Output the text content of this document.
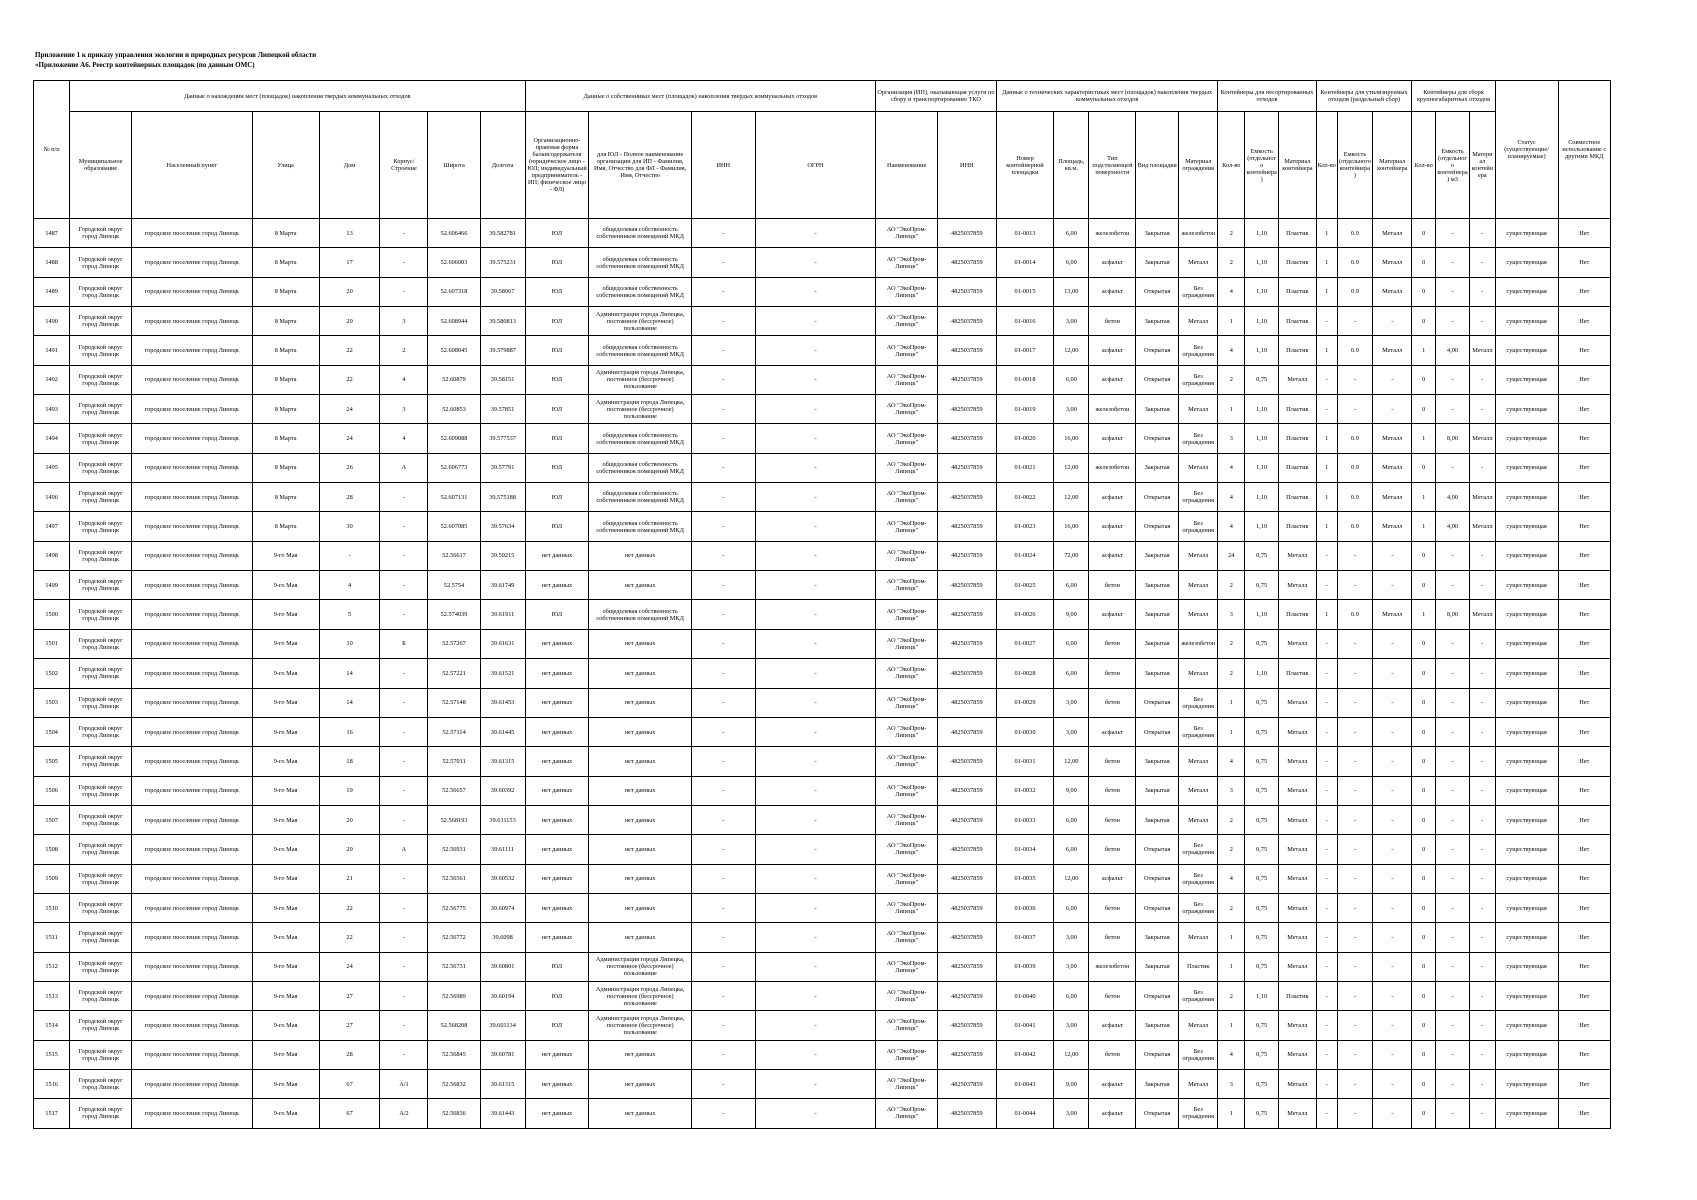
Приложение 1 к приказу управления экологии и природных ресурсов Липецкой области
«Приложение А6. Реестр контейнерных площадок (по данным ОМС)
№ п/п	Данные о нахождении мест (площадок) накопления твердых коммунальных отходов							Данные о собственниках мест (площадок) накопления твердых коммунальных отходов				Организация (ИП), оказывающая услуги по сбору и транспортированию ТКО		Данные о технических характеристиках мест (площадок) накопления твердых коммунальных отходов					Контейнеры для несортированных отходов			Контейнеры для утилизируемых отходов (раздельный сбор)			Контейнеры для сборк крупногабаритных отходов			Статус (существующие/ планируемые)	Совместное использование с другими МКД
	Муниципальное образование	Населенный пункт	Улица	Дом	Корпус/Строение	Широта	Долгота	Организационно-правовая форма балансодержателя (юридическое лицо - ЮЛ; индивидуальный предприниматель - ИП; физическое лицо - ФЛ)	для ЮЛ - Полное наименование организации для ИП - Фамилия, Имя, Отчество для ФЛ - Фамилия, Имя, Отчество	ИНН	ОГРН	Наименование	ИНН	Номер контейнерной площадки	Площадь, кв.м.	Тип подстилающей поверхности	Вид площадки	Материал ограждения	Кол-во	Емкость (отдельного контейнера)	Материал контейнера	Кол-во	Емкость (отдельного контейнера)	Материал контейнера	Кол-во	Емкость (отдельного контейнера) м3	Материал контейнера		

1487	Городской округ город Липецк	городское поселение город Липецк	8 Марта	13	-	52.606466	39.582781	ЮЛ	общедолевая собственность собственников помещений МКД	-	-	АО "ЭкоПром-Липецк"	4825037859	01-0013	6,00	железобетон	Закрытая	железобетон	2	1,10	Пластик	1	0.9	Металл	0	-	-	существующая	Нет

1488	Городской округ город Липецк	городское поселение город Липецк	8 Марта	17	-	52.606003	39.575231	ЮЛ	общедолевая собственность собственников помещений МКД	-	-	АО "ЭкоПром-Липецк"	4825037859	01-0014	6,00	асфальт	Закрытая	Металл	2	1,10	Пластик	1	0.9	Металл	0	-	-	существующая	Нет

1489	Городской округ город Липецк	городское поселение город Липецк	8 Марта	20	-	52.607318	39.58067	ЮЛ	общедолевая собственность собственников помещений МКД	-	-	АО "ЭкоПром-Липецк"	4825037859	01-0015	13,00	асфальт	Открытая	Без ограждения	4	1,10	Пластик	1	0.9	Металл	0	-	-	существующая	Нет

1490	Городской округ город Липецк	городское поселение город Липецк	8 Марта	20	3	52.608944	39.580813	ЮЛ	Администрация города Липецка, постоянное (бессрочное) пользование	-	-	АО "ЭкоПром-Липецк"	4825037859	01-0016	3,00	бетон	Закрытая	Металл	1	1,10	Пластик	-	-	-	0	-	-	существующая	Нет

1491	Городской округ город Липецк	городское поселение город Липецк	8 Марта	22	2	52.608045	39.579887	ЮЛ	общедолевая собственность собственников помещений МКД	-	-	АО "ЭкоПром-Липецк"	4825037859	01-0017	12,00	асфальт	Открытая	Без ограждения	4	1,10	Пластик	1	0.9	Металл	1	4,00	Металл	существующая	Нет

1492	Городской округ город Липецк	городское поселение город Липецк	8 Марта	22	4	52.60879	39.58151	ЮЛ	Администрация города Липецка, постоянное (бессрочное) пользование	-	-	АО "ЭкоПром-Липецк"	4825037859	01-0018	6,00	асфальт	Открытая	Без ограждения	2	0,75	Металл	-	-	-	0	-	-	существующая	Нет

1493	Городской округ город Липецк	городское поселение город Липецк	8 Марта	24	3	52.60853	39.57851	ЮЛ	Администрация города Липецка, постоянное (бессрочное) пользование	-	-	АО "ЭкоПром-Липецк"	4825037859	01-0019	3,00	железобетон	Закрытая	Металл	1	1,10	Пластик	-	-	-	0	-	-	существующая	Нет

1494	Городской округ город Липецк	городское поселение город Липецк	8 Марта	24	4	52.609088	39.577537	ЮЛ	общедолевая собственность собственников помещений МКД	-	-	АО "ЭкоПром-Липецк"	4825037859	01-0020	16,00	асфальт	Открытая	Без ограждения	3	1,10	Пластик	1	0.9	Металл	1	8,00	Металл	существующая	Нет

1495	Городской округ город Липецк	городское поселение город Липецк	8 Марта	26	А	52.606773	39.57791	ЮЛ	общедолевая собственность собственников помещений МКД	-	-	АО "ЭкоПром-Липецк"	4825037859	01-0021	12,00	железобетон	Закрытая	Металл	4	1,10	Пластик	1	0.9	Металл	0	-	-	существующая	Нет

1496	Городской округ город Липецк	городское поселение город Липецк	8 Марта	28	-	52.607131	39.575188	ЮЛ	общедолевая собственность собственников помещений МКД	-	-	АО "ЭкоПром-Липецк"	4825037859	01-0022	12,00	асфальт	Открытая	Без ограждения	4	1,10	Пластик	1	0.9	Металл	1	4,00	Металл	существующая	Нет

1497	Городской округ город Липецк	городское поселение город Липецк	8 Марта	30	-	52.607085	39.57634	ЮЛ	общедолевая собственность собственников помещений МКД	-	-	АО "ЭкоПром-Липецк"	4825037859	01-0023	16,00	асфальт	Открытая	Без ограждения	4	1,10	Пластик	1	0.9	Металл	1	4,00	Металл	существующая	Нет

1498	Городской округ город Липецк	городское поселение город Липецк	9-го Мая	-	-	52.56617	39.59215	нет данных	нет данных	-	-	АО "ЭкоПром-Липецк"	4825037859	01-0024	72,00	асфальт	Закрытая	Металл	24	0,75	Металл	-	-	-	0	-	-	существующая	Нет

1499	Городской округ город Липецк	городское поселение город Липецк	9-го Мая	4	-	52.5754	39.61749	нет данных	нет данных	-	-	АО "ЭкоПром-Липецк"	4825037859	01-0025	6,00	бетон	Закрытая	Металл	2	0,75	Металл	-	-	-	0	-	-	существующая	Нет

1500	Городской округ город Липецк	городское поселение город Липецк	9-го Мая	5	-	52.574039	39.61911	ЮЛ	общедолевая собственность собственников помещений МКД	-	-	АО "ЭкоПром-Липецк"	4825037859	01-0026	9,00	асфальт	Закрытая	Металл	3	1,10	Пластик	1	0.9	Металл	1	8,00	Металл	существующая	Нет

1501	Городской округ город Липецк	городское поселение город Липецк	9-го Мая	10	Б	52.57267	39.61631	нет данных	нет данных	-	-	АО "ЭкоПром-Липецк"	4825037859	01-0027	6,00	бетон	Закрытая	железобетон	2	0,75	Металл	-	-	-	0	-	-	существующая	Нет

1502	Городской округ город Липецк	городское поселение город Липецк	9-го Мая	14	-	52.57221	39.61521	нет данных	нет данных	-	-	АО "ЭкоПром-Липецк"	4825037859	01-0028	6,00	бетон	Закрытая	Металл	2	1,10	Пластик	-	-	-	0	-	-	существующая	Нет

1503	Городской округ город Липецк	городское поселение город Липецк	9-го Мая	14	-	52.57148	39.61453	нет данных	нет данных	-	-	АО "ЭкоПром-Липецк"	4825037859	01-0029	3,00	бетон	Открытая	Без ограждения	1	0,75	Металл	-	-	-	0	-	-	существующая	Нет

1504	Городской округ город Липецк	городское поселение город Липецк	9-го Мая	16	-	52.57114	39.61445	нет данных	нет данных	-	-	АО "ЭкоПром-Липецк"	4825037859	01-0030	3,00	асфальт	Открытая	Без ограждения	1	0,75	Металл	-	-	-	0	-	-	существующая	Нет

1505	Городской округ город Липецк	городское поселение город Липецк	9-го Мая	18	-	52.57011	39.61315	нет данных	нет данных	-	-	АО "ЭкоПром-Липецк"	4825037859	01-0031	12,00	бетон	Закрытая	Металл	4	0,75	Металл	-	-	-	0	-	-	существующая	Нет

1506	Городской округ город Липецк	городское поселение город Липецк	9-го Мая	19	-	52.56657	39.60392	нет данных	нет данных	-	-	АО "ЭкоПром-Липецк"	4825037859	01-0032	9,00	бетон	Закрытая	Металл	3	0,75	Металл	-	-	-	0	-	-	существующая	Нет

1507	Городской округ город Липецк	городское поселение город Липецк	9-го Мая	20	-	52.568193	39.611153	нет данных	нет данных	-	-	АО "ЭкоПром-Липецк"	4825037859	01-0033	6,00	бетон	Закрытая	Металл	2	0,75	Металл	-	-	-	0	-	-	существующая	Нет

1508	Городской округ город Липецк	городское поселение город Липецк	9-го Мая	20	А	52.56931	39.61111	нет данных	нет данных	-	-	АО "ЭкоПром-Липецк"	4825037859	01-0034	6,00	бетон	Открытая	Без ограждения	2	0,75	Металл	-	-	-	0	-	-	существующая	Нет

1509	Городской округ город Липецк	городское поселение город Липецк	9-го Мая	21	-	52.56561	39.60532	нет данных	нет данных	-	-	АО "ЭкоПром-Липецк"	4825037859	01-0035	12,00	асфальт	Открытая	Без ограждения	4	0,75	Металл	-	-	-	0	-	-	существующая	Нет

1510	Городской округ город Липецк	городское поселение город Липецк	9-го Мая	22	-	52.56775	39.60974	нет данных	нет данных	-	-	АО "ЭкоПром-Липецк"	4825037859	01-0036	6,00	бетон	Открытая	Без ограждения	2	0,75	Металл	-	-	-	0	-	-	существующая	Нет

1511	Городской округ город Липецк	городское поселение город Липецк	9-го Мая	22	-	52.56772	39.6098	нет данных	нет данных	-	-	АО "ЭкоПром-Липецк"	4825037859	01-0037	3,00	бетон	Закрытая	Металл	1	0,75	Металл	-	-	-	0	-	-	существующая	Нет

1512	Городской округ город Липецк	городское поселение город Липецк	9-го Мая	24	-	52.56731	39.60801	ЮЛ	Администрация города Липецка, постоянное (бессрочное) пользование	-	-	АО "ЭкоПром-Липецк"	4825037859	01-0039	3,00	железобетон	Закрытая	Пластик	1	0,75	Металл	-	-	-	0	-	-	существующая	Нет

1513	Городской округ город Липецк	городское поселение город Липецк	9-го Мая	27	-	52.56989	39.60194	ЮЛ	Администрация города Липецка, постоянное (бессрочное) пользование	-	-	АО "ЭкоПром-Липецк"	4825037859	01-0040	6,00	бетон	Открытая	Без ограждения	2	1,10	Пластик	-	-	-	0	-	-	существующая	Нет

1514	Городской округ город Липецк	городское поселение город Липецк	9-го Мая	27	-	52.568208	39.601134	ЮЛ	Администрация города Липецка, постоянное (бессрочное) пользование	-	-	АО "ЭкоПром-Липецк"	4825037859	01-0041	3,00	асфальт	Закрытая	Металл	1	0,75	Металл	-	-	-	0	-	-	существующая	Нет

1515	Городской округ город Липецк	городское поселение город Липецк	9-го Мая	28	-	52.56845	39.60781	нет данных	нет данных	-	-	АО "ЭкоПром-Липецк"	4825037859	01-0042	12,00	бетон	Открытая	Без ограждения	4	0,75	Металл	-	-	-	0	-	-	существующая	Нет

1516	Городской округ город Липецк	городское поселение город Липецк	9-го Мая	67	А/1	52.56832	39.61315	нет данных	нет данных	-	-	АО "ЭкоПром-Липецк"	4825037859	01-0043	9,00	асфальт	Закрытая	Металл	3	0,75	Металл	-	-	-	0	-	-	существующая	Нет

1517	Городской округ город Липецк	городское поселение город Липецк	9-го Мая	67	А/2	52.56836	39.61443	нет данных	нет данных	-	-	АО "ЭкоПром-Липецк"	4825037859	01-0044	3,00	асфальт	Открытая	Без ограждения	1	0,75	Металл	-	-	-	0	-	-	существующая	Нет
